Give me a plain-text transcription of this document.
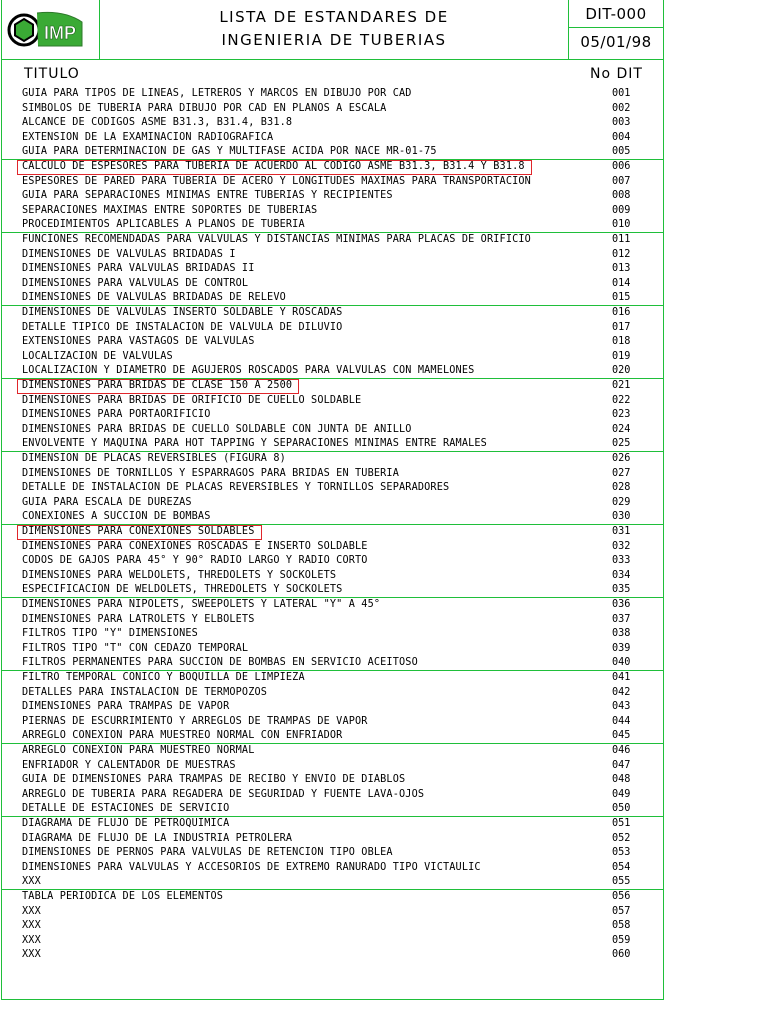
IMP
LISTA DE ESTANDARES DE
INGENIERIA DE TUBERIAS
DIT-000
05/01/98
TITULO	No DIT
GUIA PARA TIPOS DE LINEAS, LETREROS Y MARCOS EN DIBUJO POR CAD	001
SIMBOLOS DE TUBERIA PARA DIBUJO POR CAD EN PLANOS A ESCALA	002
ALCANCE DE CODIGOS ASME B31.3, B31.4, B31.8	003
EXTENSION DE LA EXAMINACION RADIOGRAFICA	004
GUIA PARA DETERMINACION DE GAS Y MULTIFASE ACIDA POR NACE MR-01-75	005
CALCULO DE ESPESORES PARA TUBERIA DE ACUERDO AL CODIGO ASME B31.3, B31.4 Y B31.8	006
ESPESORES DE PARED PARA TUBERIA DE ACERO Y LONGITUDES MAXIMAS PARA TRANSPORTACION	007
GUIA PARA SEPARACIONES MINIMAS ENTRE TUBERIAS Y RECIPIENTES	008
SEPARACIONES MAXIMAS ENTRE SOPORTES DE TUBERIAS	009
PROCEDIMIENTOS APLICABLES A PLANOS DE TUBERIA	010
FUNCIONES RECOMENDADAS PARA VALVULAS Y DISTANCIAS MINIMAS PARA PLACAS DE ORIFICIO	011
DIMENSIONES DE VALVULAS BRIDADAS I	012
DIMENSIONES PARA VALVULAS BRIDADAS II	013
DIMENSIONES PARA VALVULAS DE CONTROL	014
DIMENSIONES DE VALVULAS BRIDADAS DE RELEVO	015
DIMENSIONES DE VALVULAS INSERTO SOLDABLE Y ROSCADAS	016
DETALLE TIPICO DE INSTALACION DE VALVULA DE DILUVIO	017
EXTENSIONES PARA VASTAGOS DE VALVULAS	018
LOCALIZACION DE VALVULAS	019
LOCALIZACION Y DIAMETRO DE AGUJEROS ROSCADOS PARA VALVULAS CON MAMELONES	020
DIMENSIONES PARA BRIDAS DE CLASE 150 A 2500	021
DIMENSIONES PARA BRIDAS DE ORIFICIO DE CUELLO SOLDABLE	022
DIMENSIONES PARA PORTAORIFICIO	023
DIMENSIONES PARA BRIDAS DE CUELLO SOLDABLE CON JUNTA DE ANILLO	024
ENVOLVENTE Y MAQUINA PARA HOT TAPPING Y SEPARACIONES MINIMAS ENTRE RAMALES	025
DIMENSION DE PLACAS REVERSIBLES (FIGURA 8)	026
DIMENSIONES DE TORNILLOS Y ESPARRAGOS PARA BRIDAS EN TUBERIA	027
DETALLE DE INSTALACION DE PLACAS REVERSIBLES Y TORNILLOS SEPARADORES	028
GUIA PARA ESCALA DE DUREZAS	029
CONEXIONES A SUCCION DE BOMBAS	030
DIMENSIONES PARA CONEXIONES SOLDABLES	031
DIMENSIONES PARA CONEXIONES ROSCADAS E INSERTO SOLDABLE	032
CODOS DE GAJOS PARA 45° Y 90° RADIO LARGO Y RADIO CORTO	033
DIMENSIONES PARA WELDOLETS, THREDOLETS Y SOCKOLETS	034
ESPECIFICACION DE WELDOLETS, THREDOLETS Y SOCKOLETS	035
DIMENSIONES PARA NIPOLETS, SWEEPOLETS Y LATERAL "Y" A 45°	036
DIMENSIONES PARA LATROLETS Y ELBOLETS	037
FILTROS TIPO "Y" DIMENSIONES	038
FILTROS TIPO "T" CON CEDAZO TEMPORAL	039
FILTROS PERMANENTES PARA SUCCION DE BOMBAS EN SERVICIO ACEITOSO	040
FILTRO TEMPORAL CONICO Y BOQUILLA DE LIMPIEZA	041
DETALLES PARA INSTALACION DE TERMOPOZOS	042
DIMENSIONES PARA TRAMPAS DE VAPOR	043
PIERNAS DE ESCURRIMIENTO Y ARREGLOS DE TRAMPAS DE VAPOR	044
ARREGLO CONEXION PARA MUESTREO NORMAL CON ENFRIADOR	045
ARREGLO CONEXION PARA MUESTREO NORMAL	046
ENFRIADOR Y CALENTADOR DE MUESTRAS	047
GUIA DE DIMENSIONES PARA TRAMPAS DE RECIBO Y ENVIO DE DIABLOS	048
ARREGLO DE TUBERIA PARA REGADERA DE SEGURIDAD Y FUENTE LAVA-OJOS	049
DETALLE DE ESTACIONES DE SERVICIO	050
DIAGRAMA DE FLUJO DE PETROQUIMICA	051
DIAGRAMA DE FLUJO DE LA INDUSTRIA PETROLERA	052
DIMENSIONES DE PERNOS PARA VALVULAS DE RETENCION TIPO OBLEA	053
DIMENSIONES PARA VALVULAS Y ACCESORIOS DE EXTREMO RANURADO TIPO VICTAULIC	054
XXX	055
TABLA PERIODICA DE LOS ELEMENTOS	056
XXX	057
XXX	058
XXX	059
XXX	060
